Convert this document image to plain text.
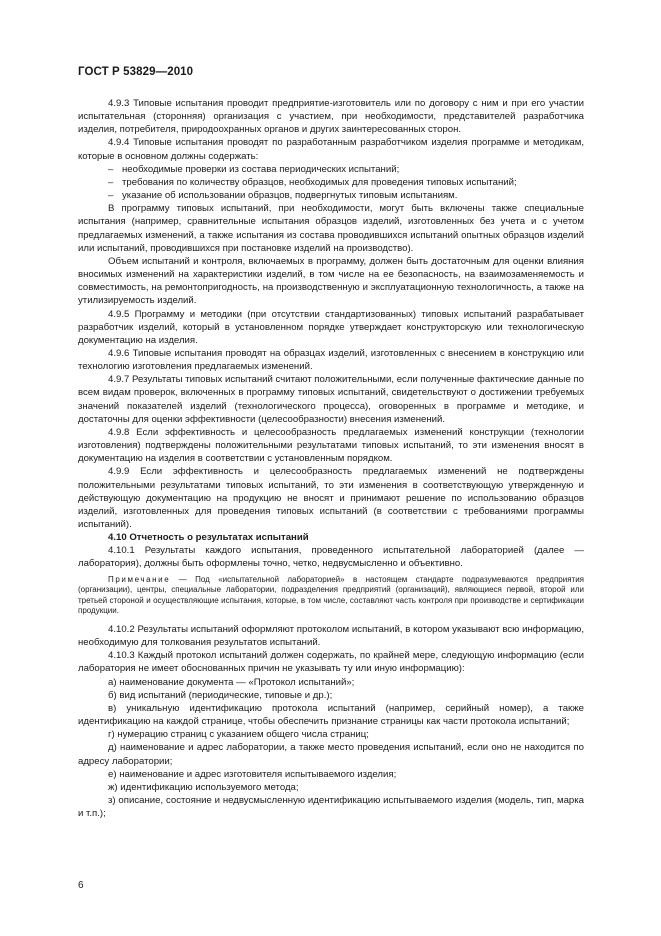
ГОСТ Р 53829—2010

4.9.3 Типовые испытания проводит предприятие-изготовитель или по договору с ним и при его участии испытательная (сторонняя) организация с участием, при необходимости, представителей разработчика изделия, потребителя, природоохранных органов и других заинтересованных сторон.

4.9.4 Типовые испытания проводят по разработанным разработчиком изделия программе и методикам, которые в основном должны содержать:

– необходимые проверки из состава периодических испытаний;

– требования по количеству образцов, необходимых для проведения типовых испытаний;

– указание об использовании образцов, подвергнутых типовым испытаниям.

В программу типовых испытаний, при необходимости, могут быть включены также специальные испытания (например, сравнительные испытания образцов изделий, изготовленных без учета и с учетом предлагаемых изменений, а также испытания из состава проводившихся испытаний опытных образцов изделий или испытаний, проводившихся при постановке изделий на производство).

Объем испытаний и контроля, включаемых в программу, должен быть достаточным для оценки влияния вносимых изменений на характеристики изделий, в том числе на ее безопасность, на взаимозаменяемость и совместимость, на ремонтопригодность, на производственную и эксплуатационную технологичность, а также на утилизируемость изделий.

4.9.5 Программу и методики (при отсутствии стандартизованных) типовых испытаний разрабатывает разработчик изделий, который в установленном порядке утверждает конструкторскую или технологическую документацию на изделия.

4.9.6 Типовые испытания проводят на образцах изделий, изготовленных с внесением в конструкцию или технологию изготовления предлагаемых изменений.

4.9.7 Результаты типовых испытаний считают положительными, если полученные фактические данные по всем видам проверок, включенных в программу типовых испытаний, свидетельствуют о достижении требуемых значений показателей изделий (технологического процесса), оговоренных в программе и методике, и достаточны для оценки эффективности (целесообразности) внесения изменений.

4.9.8 Если эффективность и целесообразность предлагаемых изменений конструкции (технологии изготовления) подтверждены положительными результатами типовых испытаний, то эти изменения вносят в документацию на изделия в соответствии с установленным порядком.

4.9.9 Если эффективность и целесообразность предлагаемых изменений не подтверждены положительными результатами типовых испытаний, то эти изменения в соответствующую утвержденную и действующую документацию на продукцию не вносят и принимают решение по использованию образцов изделий, изготовленных для проведения типовых испытаний (в соответствии с требованиями программы испытаний).

4.10 Отчетность о результатах испытаний

4.10.1 Результаты каждого испытания, проведенного испытательной лабораторией (далее — лаборатория), должны быть оформлены точно, четко, недвусмысленно и объективно.

Примечание — Под «испытательной лабораторией» в настоящем стандарте подразумеваются предприятия (организации), центры, специальные лаборатории, подразделения предприятий (организаций), являющиеся первой, второй или третьей стороной и осуществляющие испытания, которые, в том числе, составляют часть контроля при производстве и сертификации продукции.

4.10.2 Результаты испытаний оформляют протоколом испытаний, в котором указывают всю информацию, необходимую для толкования результатов испытаний.

4.10.3 Каждый протокол испытаний должен содержать, по крайней мере, следующую информацию (если лаборатория не имеет обоснованных причин не указывать ту или иную информацию):

а) наименование документа — «Протокол испытаний»;

б) вид испытаний (периодические, типовые и др.);

в) уникальную идентификацию протокола испытаний (например, серийный номер), а также идентификацию на каждой странице, чтобы обеспечить признание страницы как части протокола испытаний;

г) нумерацию страниц с указанием общего числа страниц;

д) наименование и адрес лаборатории, а также место проведения испытаний, если оно не находится по адресу лаборатории;

е) наименование и адрес изготовителя испытываемого изделия;

ж) идентификацию используемого метода;

з) описание, состояние и недвусмысленную идентификацию испытываемого изделия (модель, тип, марка и т.п.);

6
